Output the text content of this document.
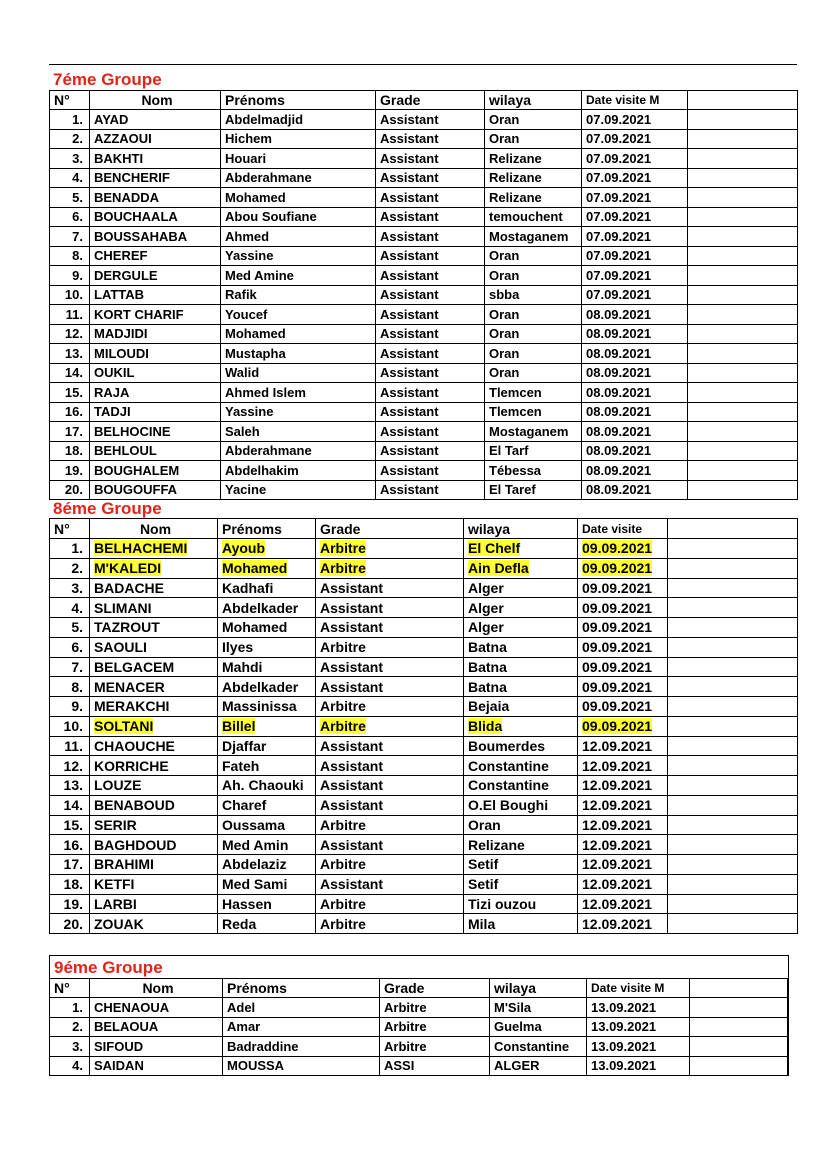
7éme Groupe
N°	Nom	Prénoms	Grade	wilaya	Date visite M	
1.	AYAD	Abdelmadjid	Assistant	Oran	07.09.2021	
2.	AZZAOUI	Hichem	Assistant	Oran	07.09.2021	
3.	BAKHTI	Houari	Assistant	Relizane	07.09.2021	
4.	BENCHERIF	Abderahmane	Assistant	Relizane	07.09.2021	
5.	BENADDA	Mohamed	Assistant	Relizane	07.09.2021	
6.	BOUCHAALA	Abou Soufiane	Assistant	temouchent	07.09.2021	
7.	BOUSSAHABA	Ahmed	Assistant	Mostaganem	07.09.2021	
8.	CHEREF	Yassine	Assistant	Oran	07.09.2021	
9.	DERGULE	Med Amine	Assistant	Oran	07.09.2021	
10.	LATTAB	Rafik	Assistant	sbba	07.09.2021	
11.	KORT CHARIF	Youcef	Assistant	Oran	08.09.2021	
12.	MADJIDI	Mohamed	Assistant	Oran	08.09.2021	
13.	MILOUDI	Mustapha	Assistant	Oran	08.09.2021	
14.	OUKIL	Walid	Assistant	Oran	08.09.2021	
15.	RAJA	Ahmed Islem	Assistant	Tlemcen	08.09.2021	
16.	TADJI	Yassine	Assistant	Tlemcen	08.09.2021	
17.	BELHOCINE	Saleh	Assistant	Mostaganem	08.09.2021	
18.	BEHLOUL	Abderahmane	Assistant	El Tarf	08.09.2021	
19.	BOUGHALEM	Abdelhakim	Assistant	Tébessa	08.09.2021	
20.	BOUGOUFFA	Yacine	Assistant	El Taref	08.09.2021	
8éme Groupe
N°	Nom	Prénoms	Grade	wilaya	Date visite	
1.	BELHACHEMI	Ayoub	Arbitre	El Chelf	09.09.2021	
2.	M'KALEDI	Mohamed	Arbitre	Ain Defla	09.09.2021	
3.	BADACHE	Kadhafi	Assistant	Alger	09.09.2021	
4.	SLIMANI	Abdelkader	Assistant	Alger	09.09.2021	
5.	TAZROUT	Mohamed	Assistant	Alger	09.09.2021	
6.	SAOULI	Ilyes	Arbitre	Batna	09.09.2021	
7.	BELGACEM	Mahdi	Assistant	Batna	09.09.2021	
8.	MENACER	Abdelkader	Assistant	Batna	09.09.2021	
9.	MERAKCHI	Massinissa	Arbitre	Bejaia	09.09.2021	
10.	SOLTANI	Billel	Arbitre	Blida	09.09.2021	
11.	CHAOUCHE	Djaffar	Assistant	Boumerdes	12.09.2021	
12.	KORRICHE	Fateh	Assistant	Constantine	12.09.2021	
13.	LOUZE	Ah. Chaouki	Assistant	Constantine	12.09.2021	
14.	BENABOUD	Charef	Assistant	O.El Boughi	12.09.2021	
15.	SERIR	Oussama	Arbitre	Oran	12.09.2021	
16.	BAGHDOUD	Med Amin	Assistant	Relizane	12.09.2021	
17.	BRAHIMI	Abdelaziz	Arbitre	Setif	12.09.2021	
18.	KETFI	Med Sami	Assistant	Setif	12.09.2021	
19.	LARBI	Hassen	Arbitre	Tizi ouzou	12.09.2021	
20.	ZOUAK	Reda	Arbitre	Mila	12.09.2021	
9éme Groupe
N°	Nom	Prénoms	Grade	wilaya	Date visite M	
1.	CHENAOUA	Adel	Arbitre	M'Sila	13.09.2021	
2.	BELAOUA	Amar	Arbitre	Guelma	13.09.2021	
3.	SIFOUD	Badraddine	Arbitre	Constantine	13.09.2021	
4.	SAIDAN	MOUSSA	ASSI	ALGER	13.09.2021	
